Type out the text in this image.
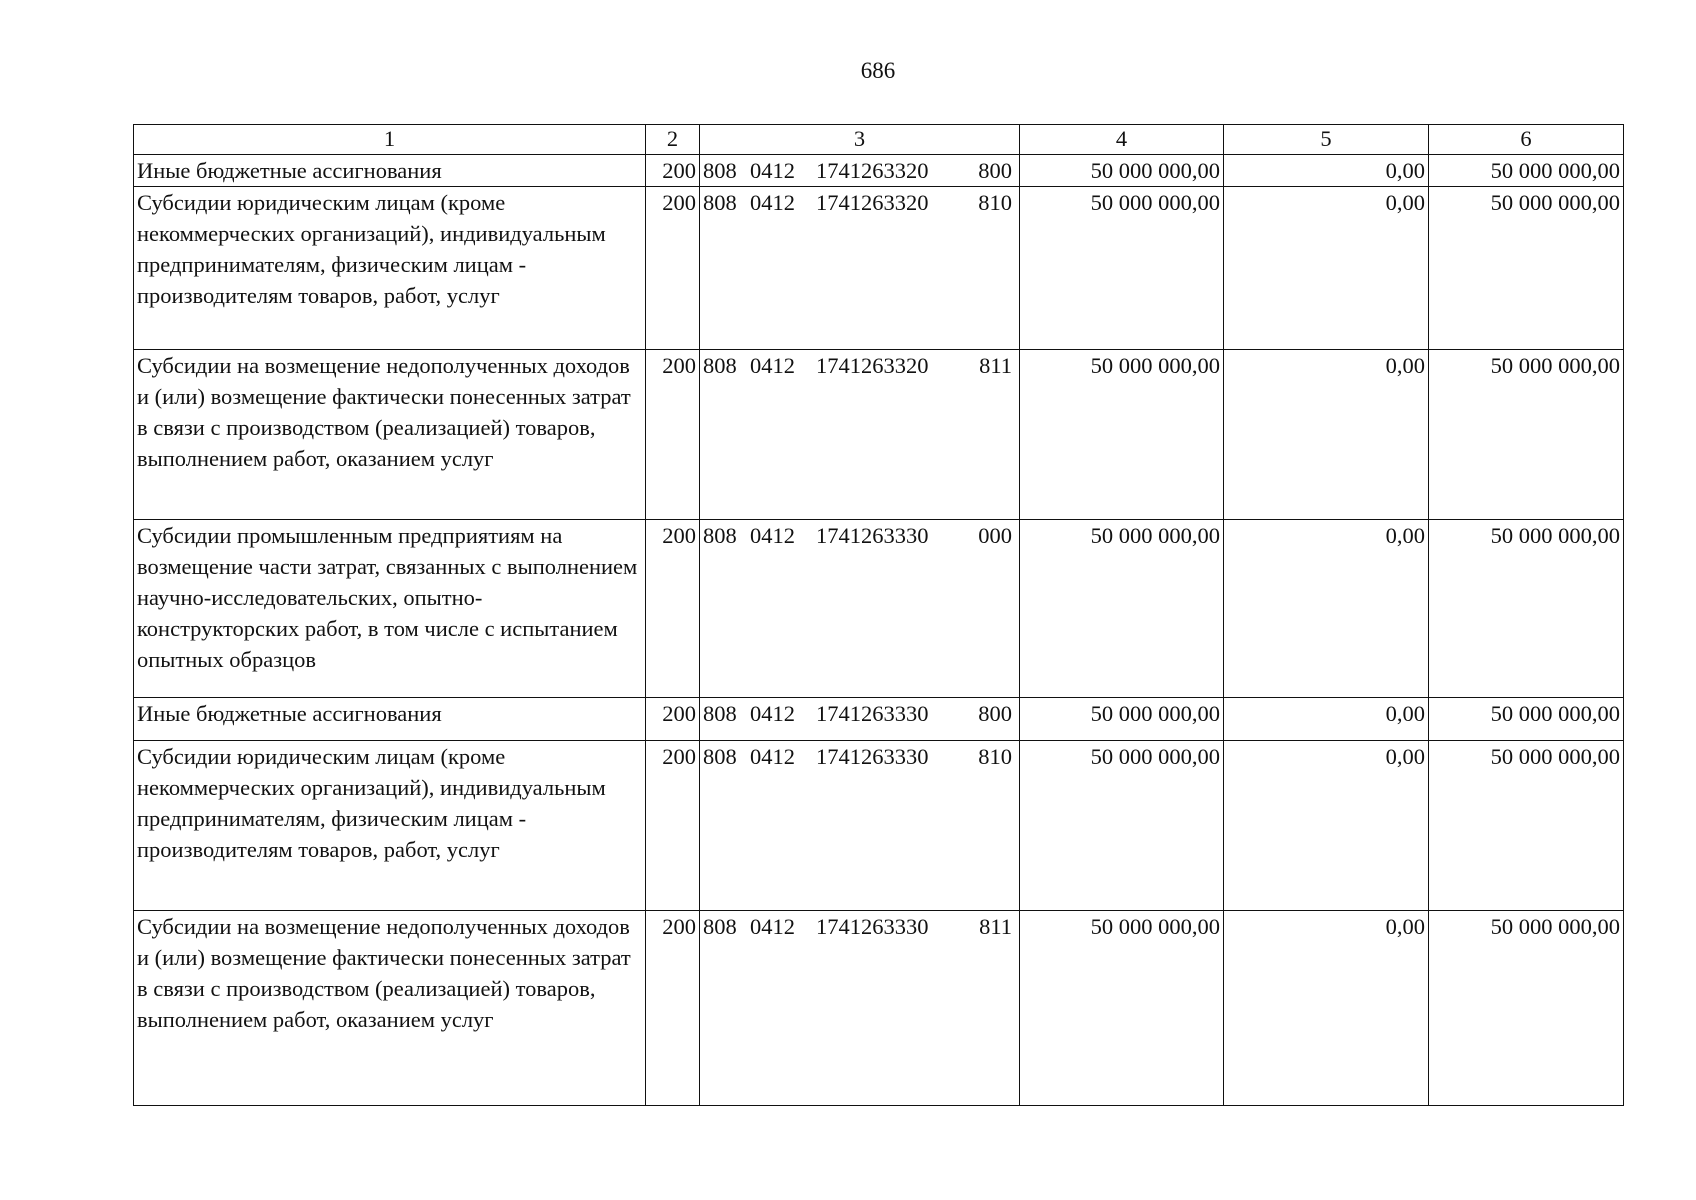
686
1	2	3	4	5	6
Иные бюджетные ассигнования	200	808 0412 1741263320 800	50 000 000,00	0,00	50 000 000,00
Субсидии юридическим лицам (кроме некоммерческих организаций), индивидуальным предпринимателям, физическим лицам - производителям товаров, работ, услуг	200	808 0412 1741263320 810	50 000 000,00	0,00	50 000 000,00
Субсидии на возмещение недополученных доходов и (или) возмещение фактически понесенных затрат в связи с производством (реализацией) товаров, выполнением работ, оказанием услуг	200	808 0412 1741263320 811	50 000 000,00	0,00	50 000 000,00
Субсидии промышленным предприятиям на возмещение части затрат, связанных с выполнением научно-исследовательских, опытно-конструкторских работ, в том числе с испытанием опытных образцов	200	808 0412 1741263330 000	50 000 000,00	0,00	50 000 000,00
Иные бюджетные ассигнования	200	808 0412 1741263330 800	50 000 000,00	0,00	50 000 000,00
Субсидии юридическим лицам (кроме некоммерческих организаций), индивидуальным предпринимателям, физическим лицам - производителям товаров, работ, услуг	200	808 0412 1741263330 810	50 000 000,00	0,00	50 000 000,00
Субсидии на возмещение недополученных доходов и (или) возмещение фактически понесенных затрат в связи с производством (реализацией) товаров, выполнением работ, оказанием услуг	200	808 0412 1741263330 811	50 000 000,00	0,00	50 000 000,00
